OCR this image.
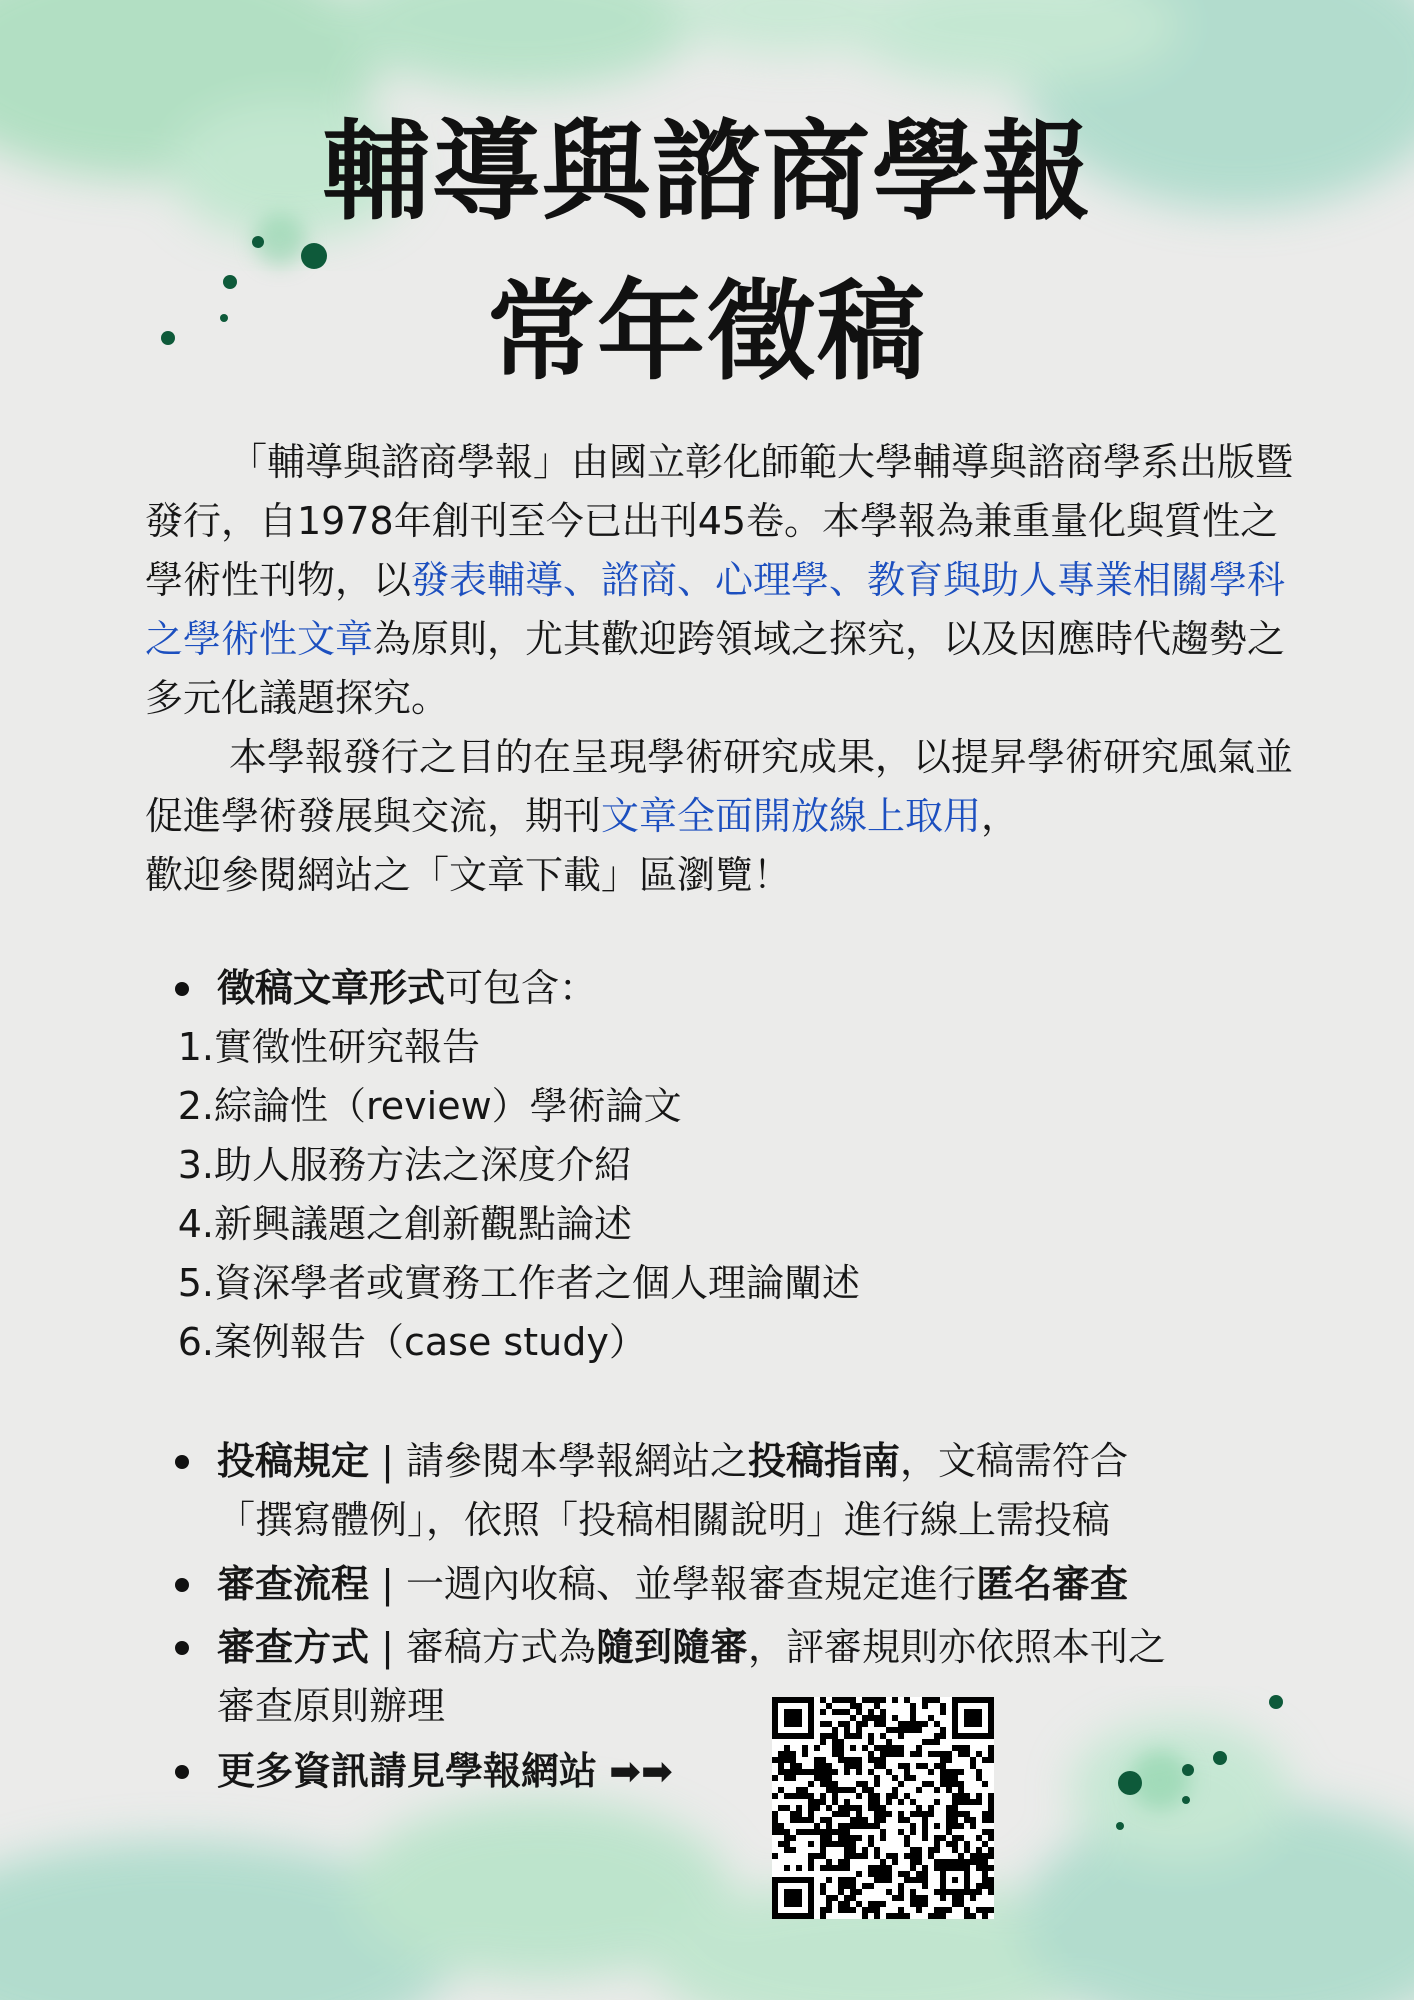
輔導與諮商學報
常年徵稿

「輔導與諮商學報」由國立彰化師範大學輔導與諮商學系出版暨發行，自1978年創刊至今已出刊45卷。本學報為兼重量化與質性之學術性刊物，以發表輔導、諮商、心理學、教育與助人專業相關學科之學術性文章為原則，尤其歡迎跨領域之探究，以及因應時代趨勢之多元化議題探究。

本學報發行之目的在呈現學術研究成果，以提昇學術研究風氣並促進學術發展與交流，期刊文章全面開放線上取用，
歡迎參閱網站之「文章下載」區瀏覽！

徵稿文章形式可包含：
1.實徵性研究報告
2.綜論性（review）學術論文
3.助人服務方法之深度介紹
4.新興議題之創新觀點論述
5.資深學者或實務工作者之個人理論闡述
6.案例報告（case study）
投稿規定 | 請參閱本學報網站之投稿指南，文稿需符合
「撰寫體例」，依照「投稿相關說明」進行線上需投稿
審查流程 | 一週內收稿、並學報審查規定進行匿名審查
審查方式 | 審稿方式為隨到隨審，評審規則亦依照本刊之
審查原則辦理
更多資訊請見學報網站 ➡➡
